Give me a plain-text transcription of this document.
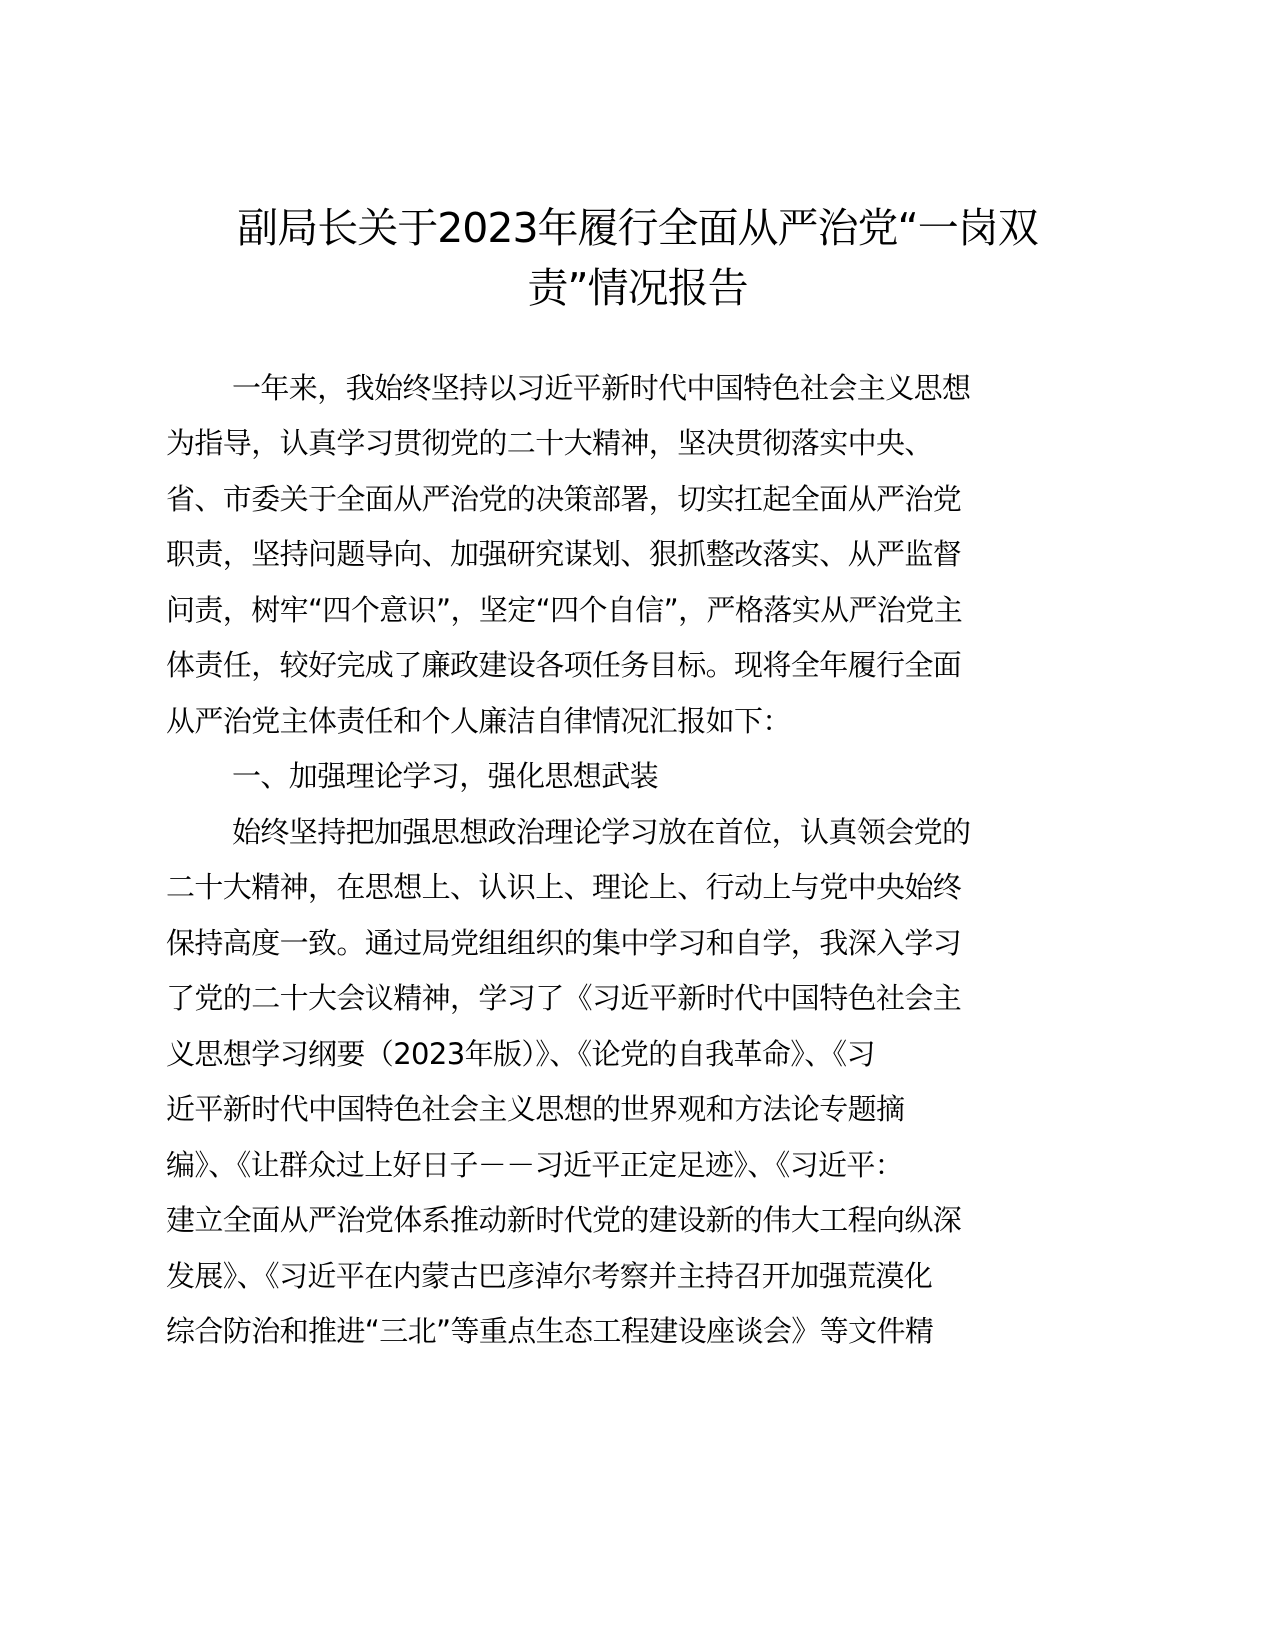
副局长关于2023年履行全面从严治党“一岗双
责”情况报告

一年来，我始终坚持以习近平新时代中国特色社会主义思想

为指导，认真学习贯彻党的二十大精神，坚决贯彻落实中央、

省、市委关于全面从严治党的决策部署，切实扛起全面从严治党

职责，坚持问题导向、加强研究谋划、狠抓整改落实、从严监督

问责，树牢“四个意识”，坚定“四个自信”，严格落实从严治党主

体责任，较好完成了廉政建设各项任务目标。现将全年履行全面

从严治党主体责任和个人廉洁自律情况汇报如下：

一、加强理论学习，强化思想武装

始终坚持把加强思想政治理论学习放在首位，认真领会党的

二十大精神，在思想上、认识上、理论上、行动上与党中央始终

保持高度一致。通过局党组组织的集中学习和自学，我深入学习

了党的二十大会议精神，学习了《习近平新时代中国特色社会主

义思想学习纲要（2023年版）》、《论党的自我革命》、《习

近平新时代中国特色社会主义思想的世界观和方法论专题摘

编》、《让群众过上好日子－－习近平正定足迹》、《习近平：

建立全面从严治党体系推动新时代党的建设新的伟大工程向纵深

发展》、《习近平在内蒙古巴彦淖尔考察并主持召开加强荒漠化

综合防治和推进“三北”等重点生态工程建设座谈会》等文件精
